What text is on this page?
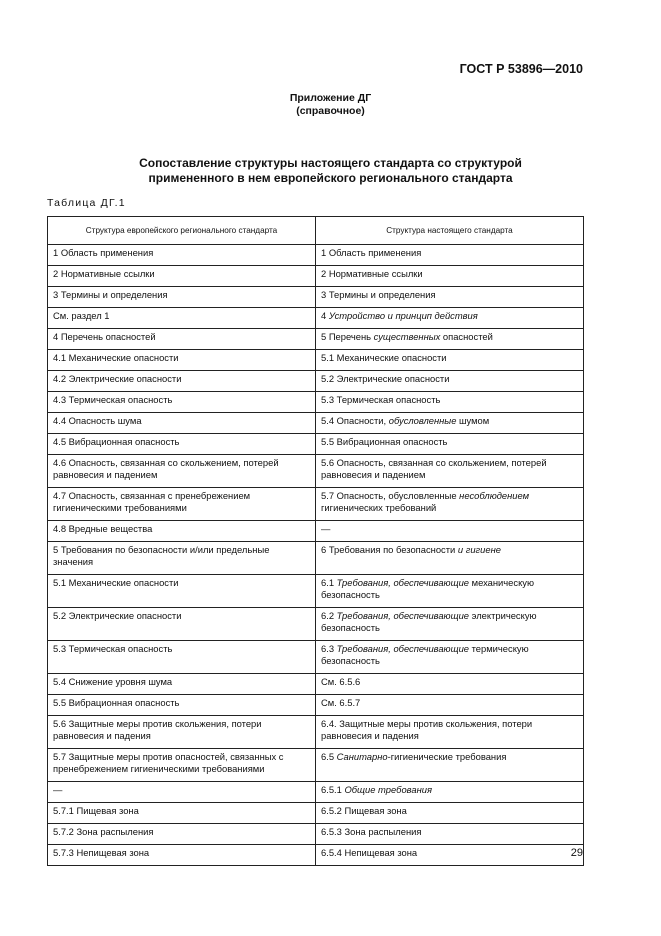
ГОСТ Р 53896—2010
Приложение ДГ
(справочное)
Сопоставление структуры настоящего стандарта со структурой
примененного в нем европейского регионального стандарта
Таблица ДГ.1
Структура европейского регионального стандарта	Структура настоящего стандарта
1 Область применения	1 Область применения
2 Нормативные ссылки	2 Нормативные ссылки
3 Термины и определения	3 Термины и определения
См. раздел 1	4 Устройство и принцип действия
4 Перечень опасностей	5 Перечень существенных опасностей
4.1 Механические опасности	5.1 Механические опасности
4.2 Электрические опасности	5.2 Электрические опасности
4.3 Термическая опасность	5.3 Термическая опасность
4.4 Опасность шума	5.4 Опасности, обусловленные шумом
4.5 Вибрационная опасность	5.5 Вибрационная опасность
4.6 Опасность, связанная со скольжением, потерей равновесия и падением	5.6 Опасность, связанная со скольжением, потерей равновесия и падением
4.7 Опасность, связанная с пренебрежением гигиеническими требованиями	5.7 Опасность, обусловленные несоблюдением гигиенических требований
4.8 Вредные вещества	—
5 Требования по безопасности и/или предельные значения	6 Требования по безопасности и гигиене
5.1 Механические опасности	6.1 Требования, обеспечивающие механическую безопасность
5.2 Электрические опасности	6.2 Требования, обеспечивающие электрическую безопасность
5.3 Термическая опасность	6.3 Требования, обеспечивающие термическую безопасность
5.4 Снижение уровня шума	См. 6.5.6
5.5 Вибрационная опасность	См. 6.5.7
5.6 Защитные меры против скольжения, потери равновесия и падения	6.4. Защитные меры против скольжения, потери равновесия и падения
5.7 Защитные меры против опасностей, связанных с пренебрежением гигиеническими требованиями	6.5 Санитарно-гигиенические требования
—	6.5.1 Общие требования
5.7.1 Пищевая зона	6.5.2 Пищевая зона
5.7.2 Зона распыления	6.5.3 Зона распыления
5.7.3 Непищевая зона	6.5.4 Непищевая зона	29
